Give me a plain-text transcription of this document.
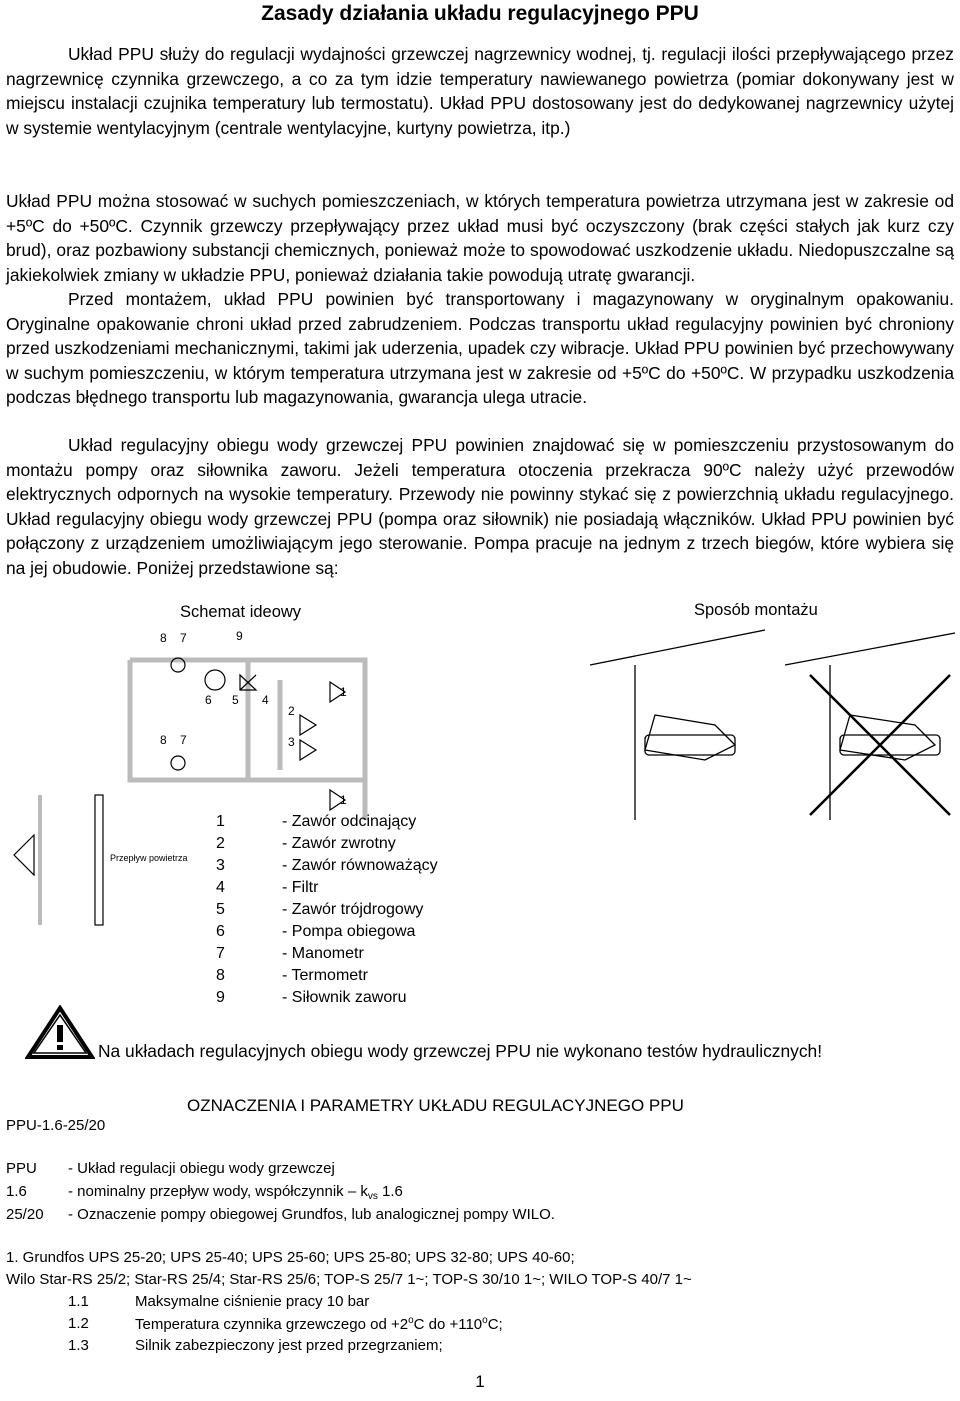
Zasady działania układu regulacyjnego PPU

Układ PPU służy do regulacji wydajności grzewczej nagrzewnicy wodnej, tj. regulacji ilości przepływającego przez nagrzewnicę czynnika grzewczego, a co za tym idzie temperatury nawiewanego powietrza (pomiar dokonywany jest w miejscu instalacji czujnika temperatury lub termostatu). Układ PPU dostosowany jest do dedykowanej nagrzewnicy użytej w systemie wentylacyjnym (centrale wentylacyjne, kurtyny powietrza, itp.)

Układ PPU można stosować w suchych pomieszczeniach, w których temperatura powietrza utrzymana jest w zakresie od +5ºC do +50ºC. Czynnik grzewczy przepływający przez układ musi być oczyszczony (brak części stałych jak kurz czy brud), oraz pozbawiony substancji chemicznych, ponieważ może to spowodować uszkodzenie układu. Niedopuszczalne są jakiekolwiek zmiany w układzie PPU, ponieważ działania takie powodują utratę gwarancji.

Przed montażem, układ PPU powinien być transportowany i magazynowany w oryginalnym opakowaniu. Oryginalne opakowanie chroni układ przed zabrudzeniem. Podczas transportu układ regulacyjny powinien być chroniony przed uszkodzeniami mechanicznymi, takimi jak uderzenia, upadek czy wibracje. Układ PPU powinien być przechowywany w suchym pomieszczeniu, w którym temperatura utrzymana jest w zakresie od +5ºC do +50ºC. W przypadku uszkodzenia podczas błędnego transportu lub magazynowania, gwarancja ulega utracie.

Układ regulacyjny obiegu wody grzewczej PPU powinien znajdować się w pomieszczeniu przystosowanym do montażu pompy oraz siłownika zaworu. Jeżeli temperatura otoczenia przekracza 90ºC należy użyć przewodów elektrycznych odpornych na wysokie temperatury. Przewody nie powinny stykać się z powierzchnią układu regulacyjnego. Układ regulacyjny obiegu wody grzewczej PPU (pompa oraz siłownik) nie posiadają włączników. Układ PPU powinien być połączony z urządzeniem umożliwiającym jego sterowanie. Pompa pracuje na jednym z trzech biegów, które wybiera się na jej obudowie. Poniżej przedstawione są:

Schemat ideowy	Sposób montażu
8 7	9
6 5 4
1
2
3
8 7
1
Przepływ powietrza
1	- Zawór odcinający
2	- Zawór zwrotny
3	- Zawór równoważący
4	- Filtr
5	- Zawór trójdrogowy
6	- Pompa obiegowa
7	- Manometr
8	- Termometr
9	- Siłownik zaworu
Na układach regulacyjnych obiegu wody grzewczej PPU nie wykonano testów hydraulicznych!
OZNACZENIA I PARAMETRY UKŁADU REGULACYJNEGO PPU
PPU-1.6-25/20
PPU - Układ regulacji obiegu wody grzewczej
1.6	- nominalny przepływ wody, współczynnik – $k_{vs}$ 1.6
25/20 - Oznaczenie pompy obiegowej Grundfos, lub analogicznej pompy WILO.
1. Grundfos UPS 25-20; UPS 25-40; UPS 25-60; UPS 25-80; UPS 32-80; UPS 40-60;
Wilo Star-RS 25/2; Star-RS 25/4; Star-RS 25/6; TOP-S 25/7 1~; TOP-S 30/10 1~; WILO TOP-S 40/7 1~
1.1	Maksymalne ciśnienie pracy 10 bar
1.2	Temperatura czynnika grzewczego od $+2^oC$ do $+110^oC$;
1.3	Silnik zabezpieczony jest przed przegrzaniem;
1
